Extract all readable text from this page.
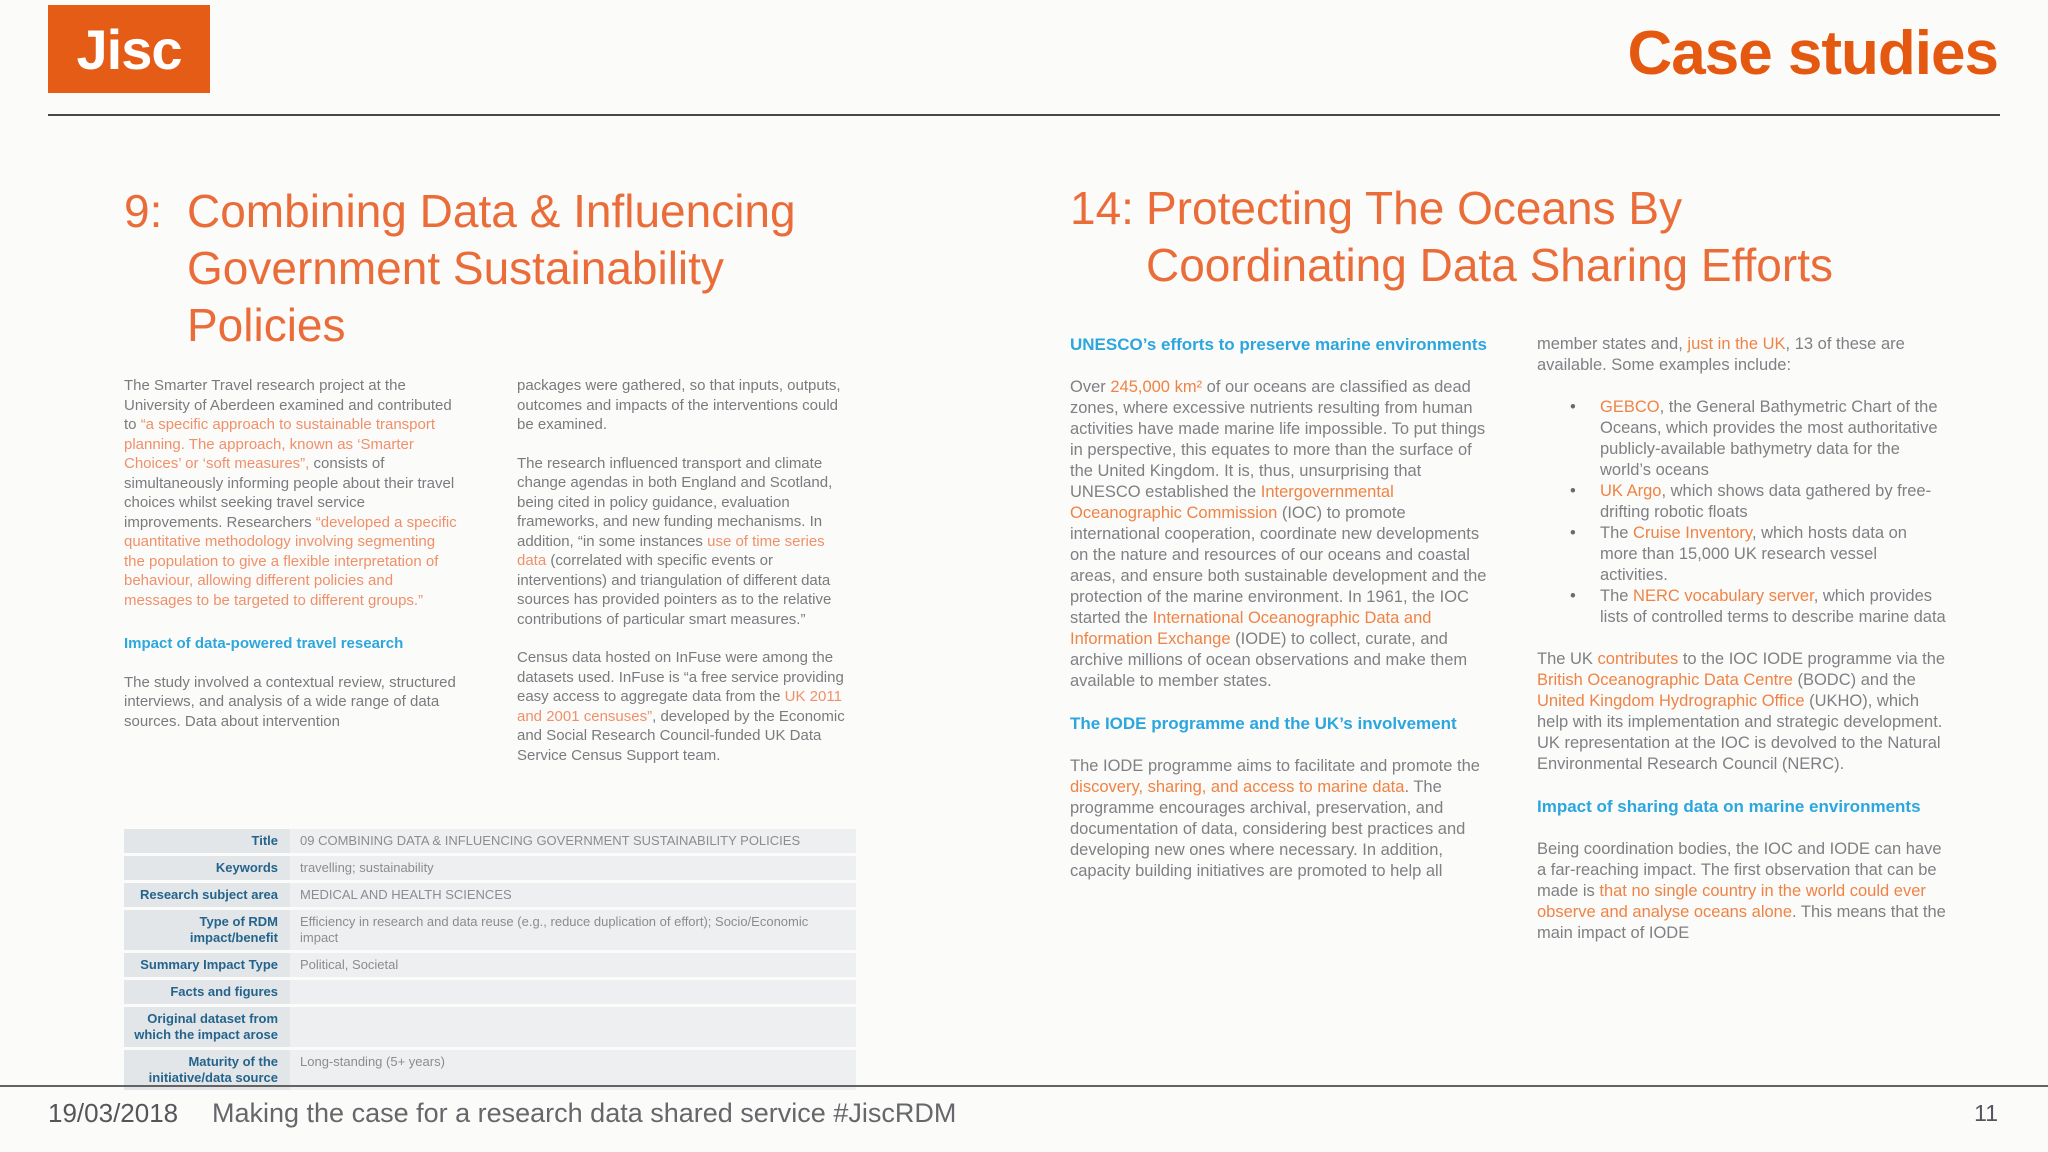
Jisc	Case studies
9: Combining Data & Influencing
Government Sustainability
Policies

The Smarter Travel research project at the University of Aberdeen examined and contributed to “a specific approach to sustainable transport planning. The approach, known as ‘Smarter Choices’ or ‘soft measures”, consists of simultaneously informing people about their travel choices whilst seeking travel service improvements. Researchers “developed a specific quantitative methodology involving segmenting the population to give a flexible interpretation of behaviour, allowing different policies and messages to be targeted to different groups.”

Impact of data-powered travel research

The study involved a contextual review, structured interviews, and analysis of a wide range of data sources. Data about intervention

packages were gathered, so that inputs, outputs, outcomes and impacts of the interventions could be examined.

The research influenced transport and climate change agendas in both England and Scotland, being cited in policy guidance, evaluation frameworks, and new funding mechanisms. In addition, “in some instances use of time series data (correlated with specific events or interventions) and triangulation of different data sources has provided pointers as to the relative contributions of particular smart measures.”

Census data hosted on InFuse were among the datasets used. InFuse is “a free service providing easy access to aggregate data from the UK 2011 and 2001 censuses”, developed by the Economic and Social Research Council-funded UK Data Service Census Support team.

Title	09 COMBINING DATA & INFLUENCING GOVERNMENT SUSTAINABILITY POLICIES
Keywords	travelling; sustainability
Research subject area	MEDICAL AND HEALTH SCIENCES
Type of RDM impact/benefit	Efficiency in research and data reuse (e.g., reduce duplication of effort); Socio/Economic impact
Summary Impact Type	Political, Societal
Facts and figures	
Original dataset from which the impact arose	
Maturity of the initiative/data source	Long-standing (5+ years)
14: Protecting The Oceans By
Coordinating Data Sharing Efforts

UNESCO’s efforts to preserve marine environments

Over 245,000 km² of our oceans are classified as dead zones, where excessive nutrients resulting from human activities have made marine life impossible. To put things in perspective, this equates to more than the surface of the United Kingdom. It is, thus, unsurprising that UNESCO established the Intergovernmental Oceanographic Commission (IOC) to promote international cooperation, coordinate new developments on the nature and resources of our oceans and coastal areas, and ensure both sustainable development and the protection of the marine environment. In 1961, the IOC started the International Oceanographic Data and Information Exchange (IODE) to collect, curate, and archive millions of ocean observations and make them available to member states.

The IODE programme and the UK’s involvement

The IODE programme aims to facilitate and promote the discovery, sharing, and access to marine data. The programme encourages archival, preservation, and documentation of data, considering best practices and developing new ones where necessary. In addition, capacity building initiatives are promoted to help all

member states and, just in the UK, 13 of these are available. Some examples include:

• GEBCO, the General Bathymetric Chart of the Oceans, which provides the most authoritative publicly-available bathymetry data for the world’s oceans
• UK Argo, which shows data gathered by free-drifting robotic floats
• The Cruise Inventory, which hosts data on more than 15,000 UK research vessel activities.
• The NERC vocabulary server, which provides lists of controlled terms to describe marine data

The UK contributes to the IOC IODE programme via the British Oceanographic Data Centre (BODC) and the United Kingdom Hydrographic Office (UKHO), which help with its implementation and strategic development. UK representation at the IOC is devolved to the Natural Environmental Research Council (NERC).

Impact of sharing data on marine environments

Being coordination bodies, the IOC and IODE can have a far-reaching impact. The first observation that can be made is that no single country in the world could ever observe and analyse oceans alone. This means that the main impact of IODE

19/03/2018 Making the case for a research data shared service #JiscRDM	11
